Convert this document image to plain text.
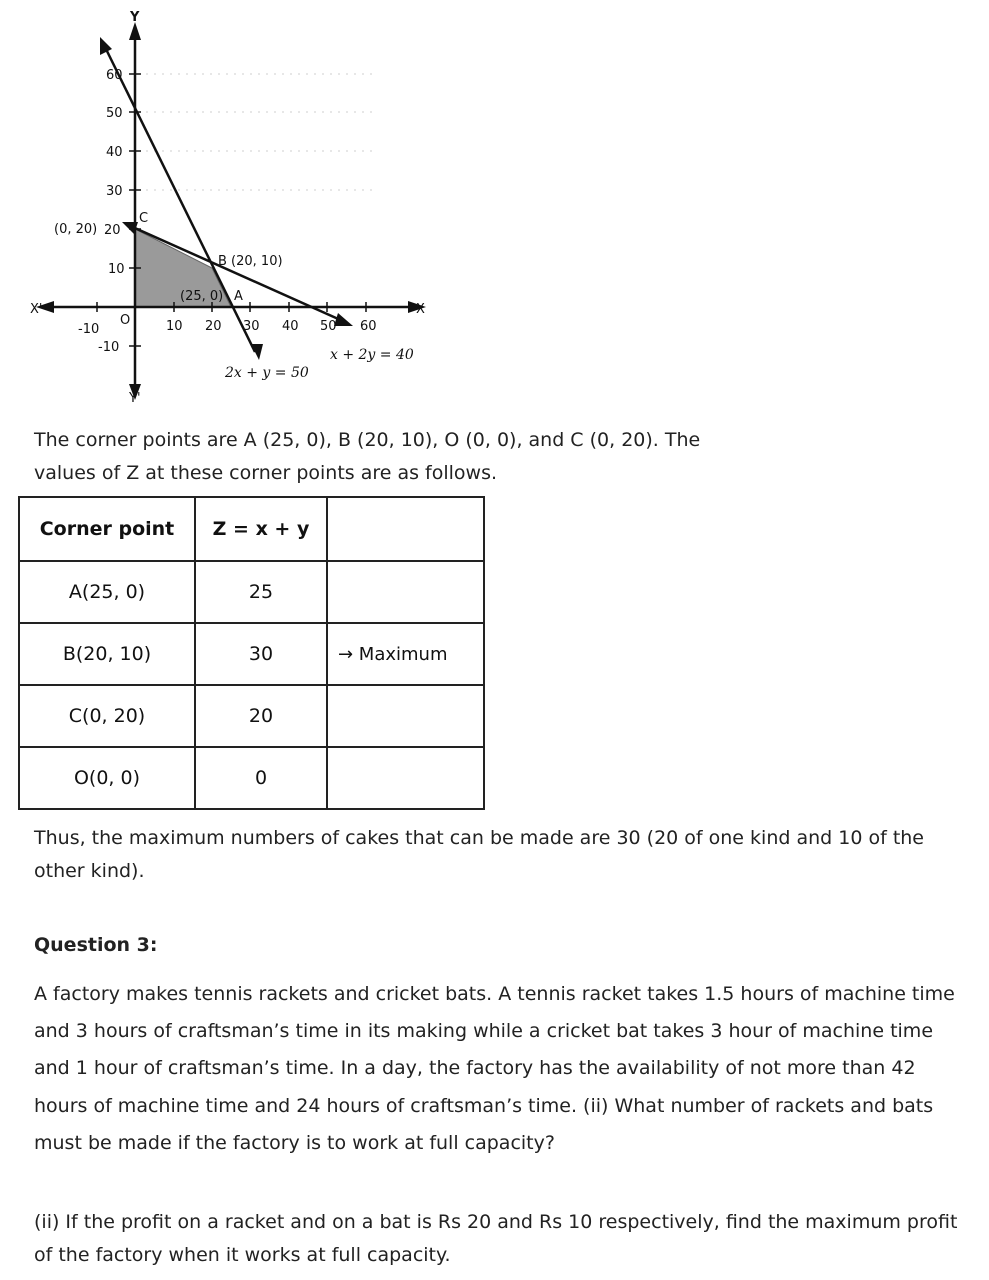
Y
Y'
X
X'
O
60
50
40
30
20
10
-10
-10	10 20 30 40 50 60
(0, 20)
C
B (20, 10)
(25, 0) A
2x + y = 50
x + 2y = 40

The corner points are A (25, 0), B (20, 10), O (0, 0), and C (0, 20). The values of Z at these corner points are as follows.

Corner point	Z = x + y	
A(25, 0)	25	
B(20, 10)	30	→ Maximum
C(0, 20)	20	
O(0, 0)	0	

Thus, the maximum numbers of cakes that can be made are 30 (20 of one kind and 10 of the other kind).

Question 3:

A factory makes tennis rackets and cricket bats. A tennis racket takes 1.5 hours of machine time and 3 hours of craftsman’s time in its making while a cricket bat takes 3 hour of machine time and 1 hour of craftsman’s time. In a day, the factory has the availability of not more than 42 hours of machine time and 24 hours of craftsman’s time. (ii) What number of rackets and bats must be made if the factory is to work at full capacity?

(ii) If the profit on a racket and on a bat is Rs 20 and Rs 10 respectively, find the maximum profit of the factory when it works at full capacity.
